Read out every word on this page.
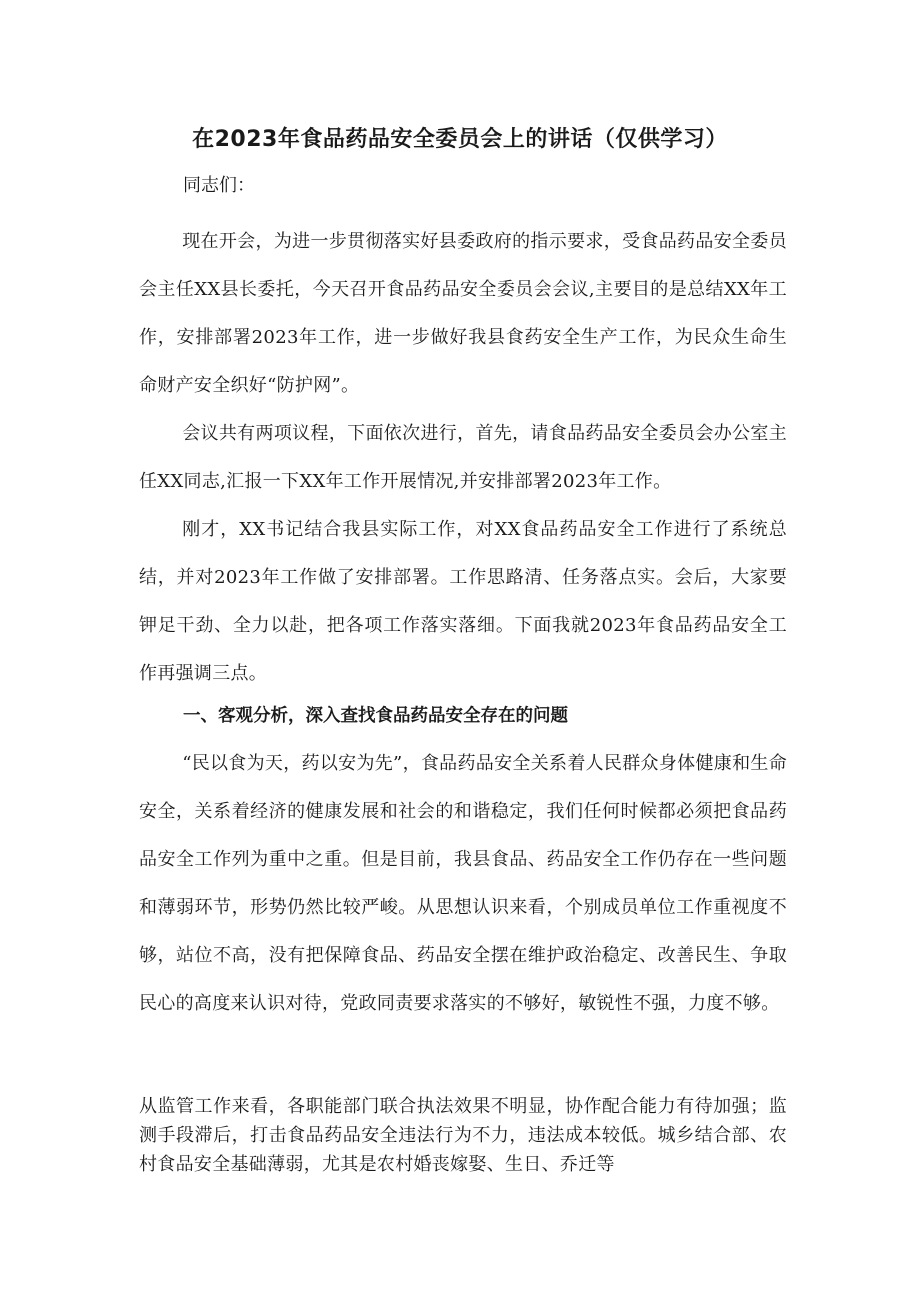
在2023年食品药品安全委员会上的讲话（仅供学习）

同志们：

现在开会，为进一步贯彻落实好县委政府的指示要求，受食品药品安全委员会主任XX县长委托，今天召开食品药品安全委员会会议,主要目的是总结XX年工作，安排部署2023年工作，进一步做好我县食药安全生产工作，为民众生命生命财产安全织好“防护网”。

会议共有两项议程，下面依次进行，首先，请食品药品安全委员会办公室主任XX同志,汇报一下XX年工作开展情况,并安排部署2023年工作。

刚才，XX书记结合我县实际工作，对XX食品药品安全工作进行了系统总结，并对2023年工作做了安排部署。工作思路清、任务落点实。会后，大家要钾足干劲、全力以赴，把各项工作落实落细。下面我就2023年食品药品安全工作再强调三点。

一、客观分析，深入查找食品药品安全存在的问题

“民以食为天，药以安为先”，食品药品安全关系着人民群众身体健康和生命安全，关系着经济的健康发展和社会的和谐稳定，我们任何时候都必须把食品药品安全工作列为重中之重。但是目前，我县食品、药品安全工作仍存在一些问题和薄弱环节，形势仍然比较严峻。从思想认识来看，个别成员单位工作重视度不够，站位不高，没有把保障食品、药品安全摆在维护政治稳定、改善民生、争取民心的高度来认识对待，党政同责要求落实的不够好，敏锐性不强，力度不够。

从监管工作来看，各职能部门联合执法效果不明显，协作配合能力有待加强；监测手段滞后，打击食品药品安全违法行为不力，违法成本较低。城乡结合部、农村食品安全基础薄弱，尤其是农村婚丧嫁娶、生日、乔迁等
